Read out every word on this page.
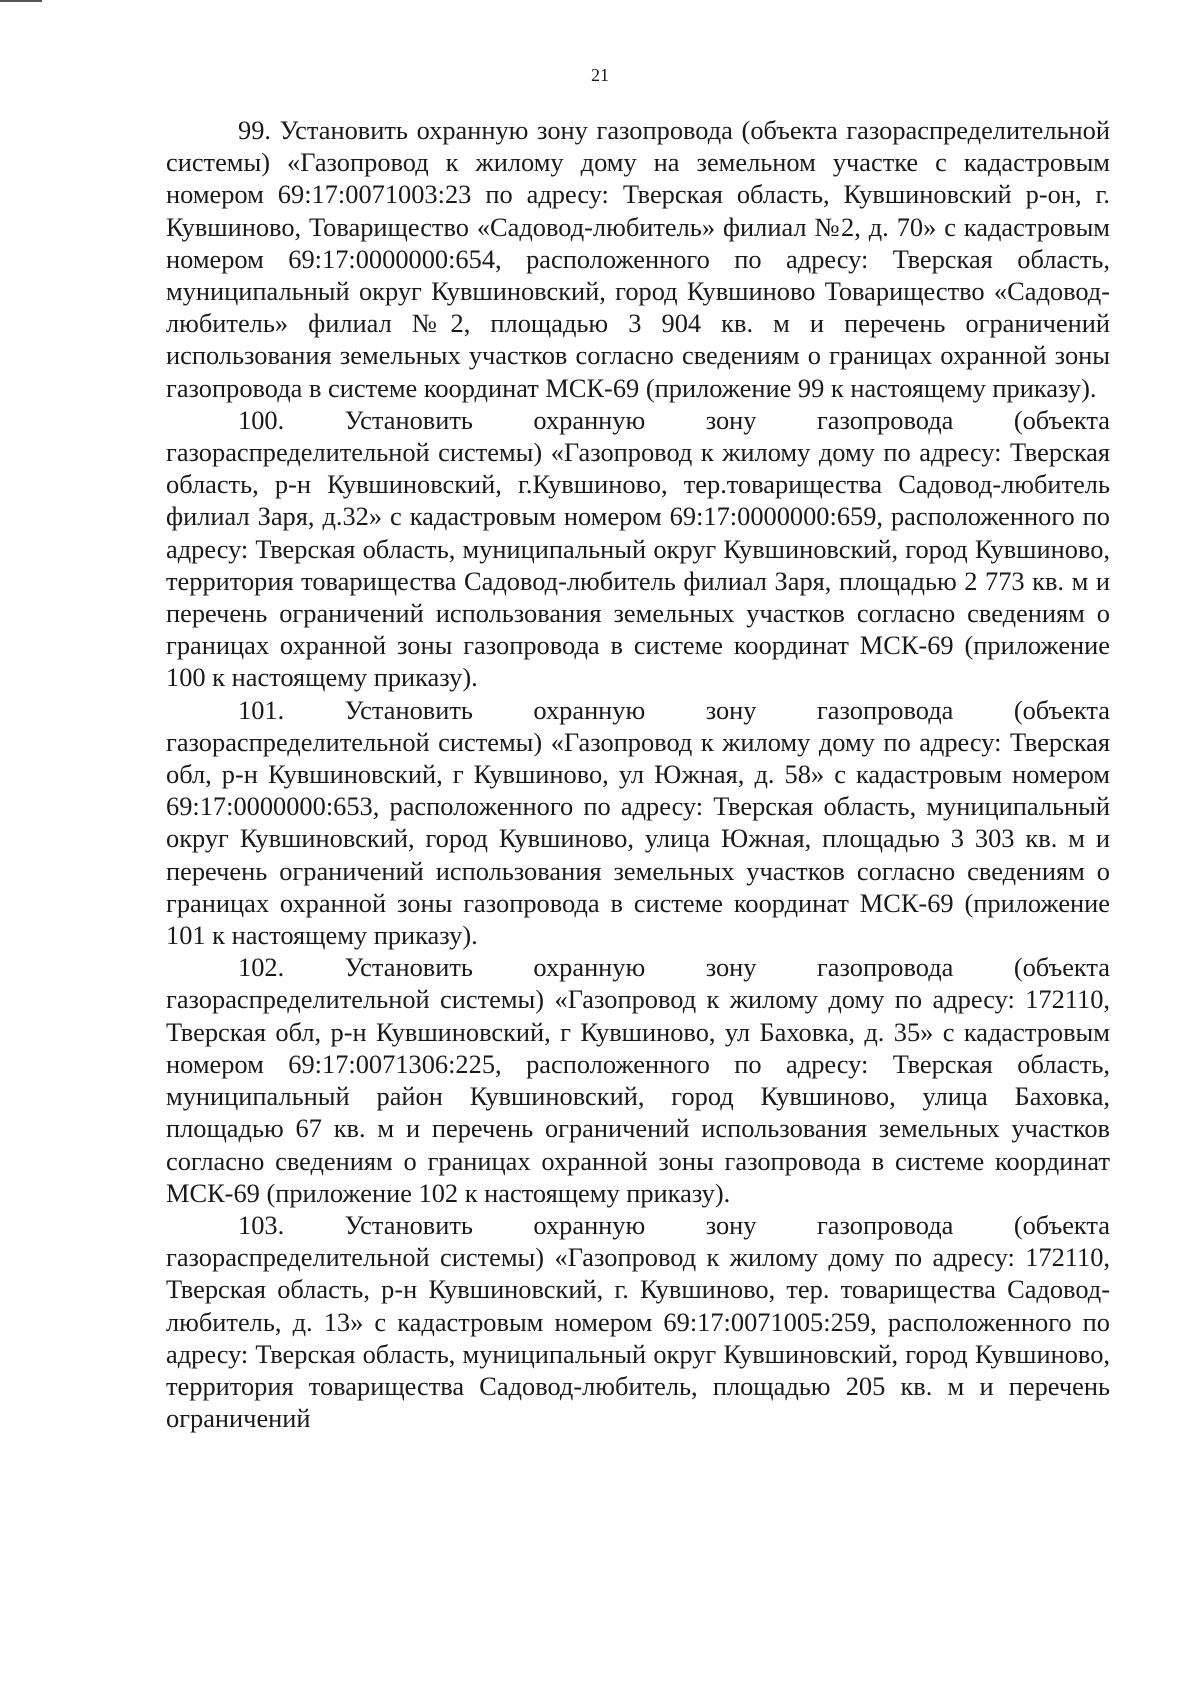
21

99. Установить охранную зону газопровода (объекта газораспределительной системы) «Газопровод к жилому дому на земельном участке с кадастровым номером 69:17:0071003:23 по адресу: Тверская область, Кувшиновский р-он, г. Кувшиново, Товарищество «Садовод-любитель» филиал №2, д. 70» с кадастровым номером 69:17:0000000:654, расположенного по адресу: Тверская область, муниципальный округ Кувшиновский, город Кувшиново Товарищество «Садовод-любитель» филиал №2, площадью 3 904 кв. м и перечень ограничений использования земельных участков согласно сведениям о границах охранной зоны газопровода в системе координат МСК-69 (приложение 99 к настоящему приказу).

100. Установить охранную зону газопровода (объекта газораспределительной системы) «Газопровод к жилому дому по адресу: Тверская область, р-н Кувшиновский, г.Кувшиново, тер.товарищества Садовод-любитель филиал Заря, д.32» с кадастровым номером 69:17:0000000:659, расположенного по адресу: Тверская область, муниципальный округ Кувшиновский, город Кувшиново, территория товарищества Садовод-любитель филиал Заря, площадью 2 773 кв. м и перечень ограничений использования земельных участков согласно сведениям о границах охранной зоны газопровода в системе координат МСК-69 (приложение 100 к настоящему приказу).

101. Установить охранную зону газопровода (объекта газораспределительной системы) «Газопровод к жилому дому по адресу: Тверская обл, р-н Кувшиновский, г Кувшиново, ул Южная, д. 58» с кадастровым номером 69:17:0000000:653, расположенного по адресу: Тверская область, муниципальный округ Кувшиновский, город Кувшиново, улица Южная, площадью 3 303 кв. м и перечень ограничений использования земельных участков согласно сведениям о границах охранной зоны газопровода в системе координат МСК-69 (приложение 101 к настоящему приказу).

102. Установить охранную зону газопровода (объекта газораспределительной системы) «Газопровод к жилому дому по адресу: 172110, Тверская обл, р-н Кувшиновский, г Кувшиново, ул Баховка, д. 35» с кадастровым номером 69:17:0071306:225, расположенного по адресу: Тверская область, муниципальный район Кувшиновский, город Кувшиново, улица Баховка, площадью 67 кв. м и перечень ограничений использования земельных участков согласно сведениям о границах охранной зоны газопровода в системе координат МСК-69 (приложение 102 к настоящему приказу).

103. Установить охранную зону газопровода (объекта газораспределительной системы) «Газопровод к жилому дому по адресу: 172110, Тверская область, р-н Кувшиновский, г. Кувшиново, тер. товарищества Садовод-любитель, д. 13» с кадастровым номером 69:17:0071005:259, расположенного по адресу: Тверская область, муниципальный округ Кувшиновский, город Кувшиново, территория товарищества Садовод-любитель, площадью 205 кв. м и перечень ограничений
